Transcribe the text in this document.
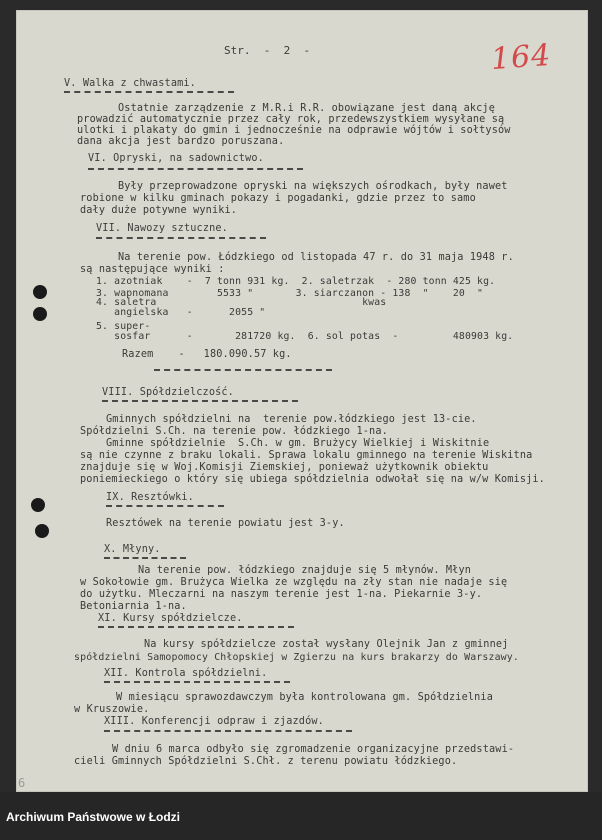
Str.  -  2  -	164
V. Walka z chwastami.
Ostatnie zarządzenie z M.R.i R.R. obowiązane jest daną akcję
prowadzić automatycznie przez cały rok, przedewszystkiem wysyłane są
ulotki i plakaty do gmin i jednocześnie na odprawie wójtów i sołtysów
dana akcja jest bardzo poruszana.
VI. Opryski, na sadownictwo.
Były przeprowadzone opryski na większych ośrodkach, były nawet
robione w kilku gminach pokazy i pogadanki, gdzie przez to samo
dały duże potywne wyniki.
VII. Nawozy sztuczne.
Na terenie pow. Łódzkiego od listopada 47 r. do 31 maja 1948 r.
są następujące wyniki :
1. azotniak    -  7 tonn 931 kg.  2. saletrzak  - 280 tonn 425 kg.
3. wapnomana        5533 "       3. siarczanon - 138  "    20  "
4. saletra                                  kwas
angielska   -      2055 "
5. super-
sosfar      -       281720 kg.  6. sol potas  -         480903 kg.
Razem    -   180.090.57 kg.
VIII. Spółdzielczość.
Gminnych spółdzielni na  terenie pow.łódzkiego jest 13-cie.
Spółdzielni S.Ch. na terenie pow. łódzkiego 1-na.
Gminne spółdzielnie  S.Ch. w gm. Brużycy Wielkiej i Wiskitnie
są nie czynne z braku lokali. Sprawa lokalu gminnego na terenie Wiskitna
znajduje się w Woj.Komisji Ziemskiej, ponieważ użytkownik obiektu
poniemieckiego o który się ubiega spółdzielnia odwołał się na w/w Komisji.
IX. Resztówki.
Resztówek na terenie powiatu jest 3-y.
X. Młyny.
Na terenie pow. łódzkiego znajduje się 5 młynów. Młyn
w Sokołowie gm. Brużyca Wielka ze względu na zły stan nie nadaje się
do użytku. Mleczarni na naszym terenie jest 1-na. Piekarnie 3-y.
Betoniarnia 1-na.
XI. Kursy spółdzielcze.
Na kursy spółdzielcze został wysłany Olejnik Jan z gminnej
spółdzielni Samopomocy Chłopskiej w Zgierzu na kurs brakarzy do Warszawy.
XII. Kontrola spółdzielni.
W miesiącu sprawozdawczym była kontrolowana gm. Spółdzielnia
w Kruszowie.
XIII. Konferencji odpraw i zjazdów.
W dniu 6 marca odbyło się zgromadzenie organizacyjne przedstawi-
cieli Gminnych Spółdzielni S.Chł. z terenu powiatu łódzkiego.
6
Archiwum Państwowe w Łodzi
